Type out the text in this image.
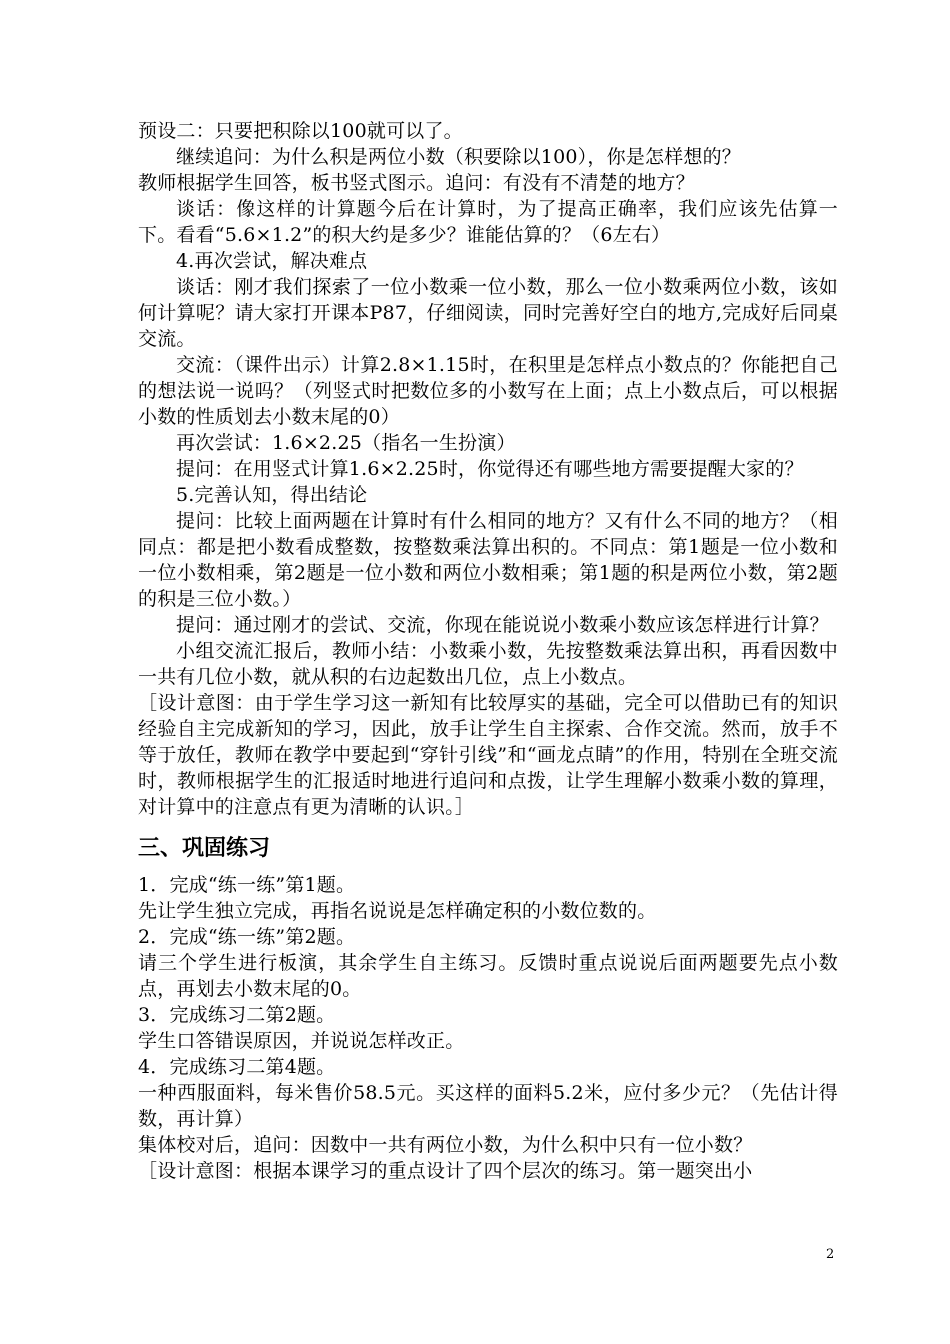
预设二：只要把积除以100就可以了。

继续追问：为什么积是两位小数（积要除以100），你是怎样想的？

教师根据学生回答，板书竖式图示。追问：有没有不清楚的地方？

谈话：像这样的计算题今后在计算时，为了提高正确率，我们应该先估算一下。看看“5.6×1.2”的积大约是多少？谁能估算的？（6左右）

4.再次尝试，解决难点

谈话：刚才我们探索了一位小数乘一位小数，那么一位小数乘两位小数，该如何计算呢？请大家打开课本P87，仔细阅读，同时完善好空白的地方,完成好后同桌交流。

交流：（课件出示）计算2.8×1.15时，在积里是怎样点小数点的？你能把自己的想法说一说吗？（列竖式时把数位多的小数写在上面；点上小数点后，可以根据小数的性质划去小数末尾的0）

再次尝试：1.6×2.25（指名一生扮演）

提问：在用竖式计算1.6×2.25时，你觉得还有哪些地方需要提醒大家的？

5.完善认知，得出结论

提问：比较上面两题在计算时有什么相同的地方？又有什么不同的地方？（相同点：都是把小数看成整数，按整数乘法算出积的。不同点：第1题是一位小数和一位小数相乘，第2题是一位小数和两位小数相乘；第1题的积是两位小数，第2题的积是三位小数。）

提问：通过刚才的尝试、交流，你现在能说说小数乘小数应该怎样进行计算？

小组交流汇报后，教师小结：小数乘小数，先按整数乘法算出积，再看因数中一共有几位小数，就从积的右边起数出几位，点上小数点。

［设计意图：由于学生学习这一新知有比较厚实的基础，完全可以借助已有的知识经验自主完成新知的学习，因此，放手让学生自主探索、合作交流。然而，放手不等于放任，教师在教学中要起到“穿针引线”和“画龙点睛”的作用，特别在全班交流时，教师根据学生的汇报适时地进行追问和点拨，让学生理解小数乘小数的算理，对计算中的注意点有更为清晰的认识。］

三、巩固练习

1．完成“练一练”第1题。

先让学生独立完成，再指名说说是怎样确定积的小数位数的。

2．完成“练一练”第2题。

请三个学生进行板演，其余学生自主练习。反馈时重点说说后面两题要先点小数点，再划去小数末尾的0。

3．完成练习二第2题。

学生口答错误原因，并说说怎样改正。

4．完成练习二第4题。

一种西服面料，每米售价58.5元。买这样的面料5.2米，应付多少元？（先估计得数，再计算）

集体校对后，追问：因数中一共有两位小数，为什么积中只有一位小数？

［设计意图：根据本课学习的重点设计了四个层次的练习。第一题突出小

2
